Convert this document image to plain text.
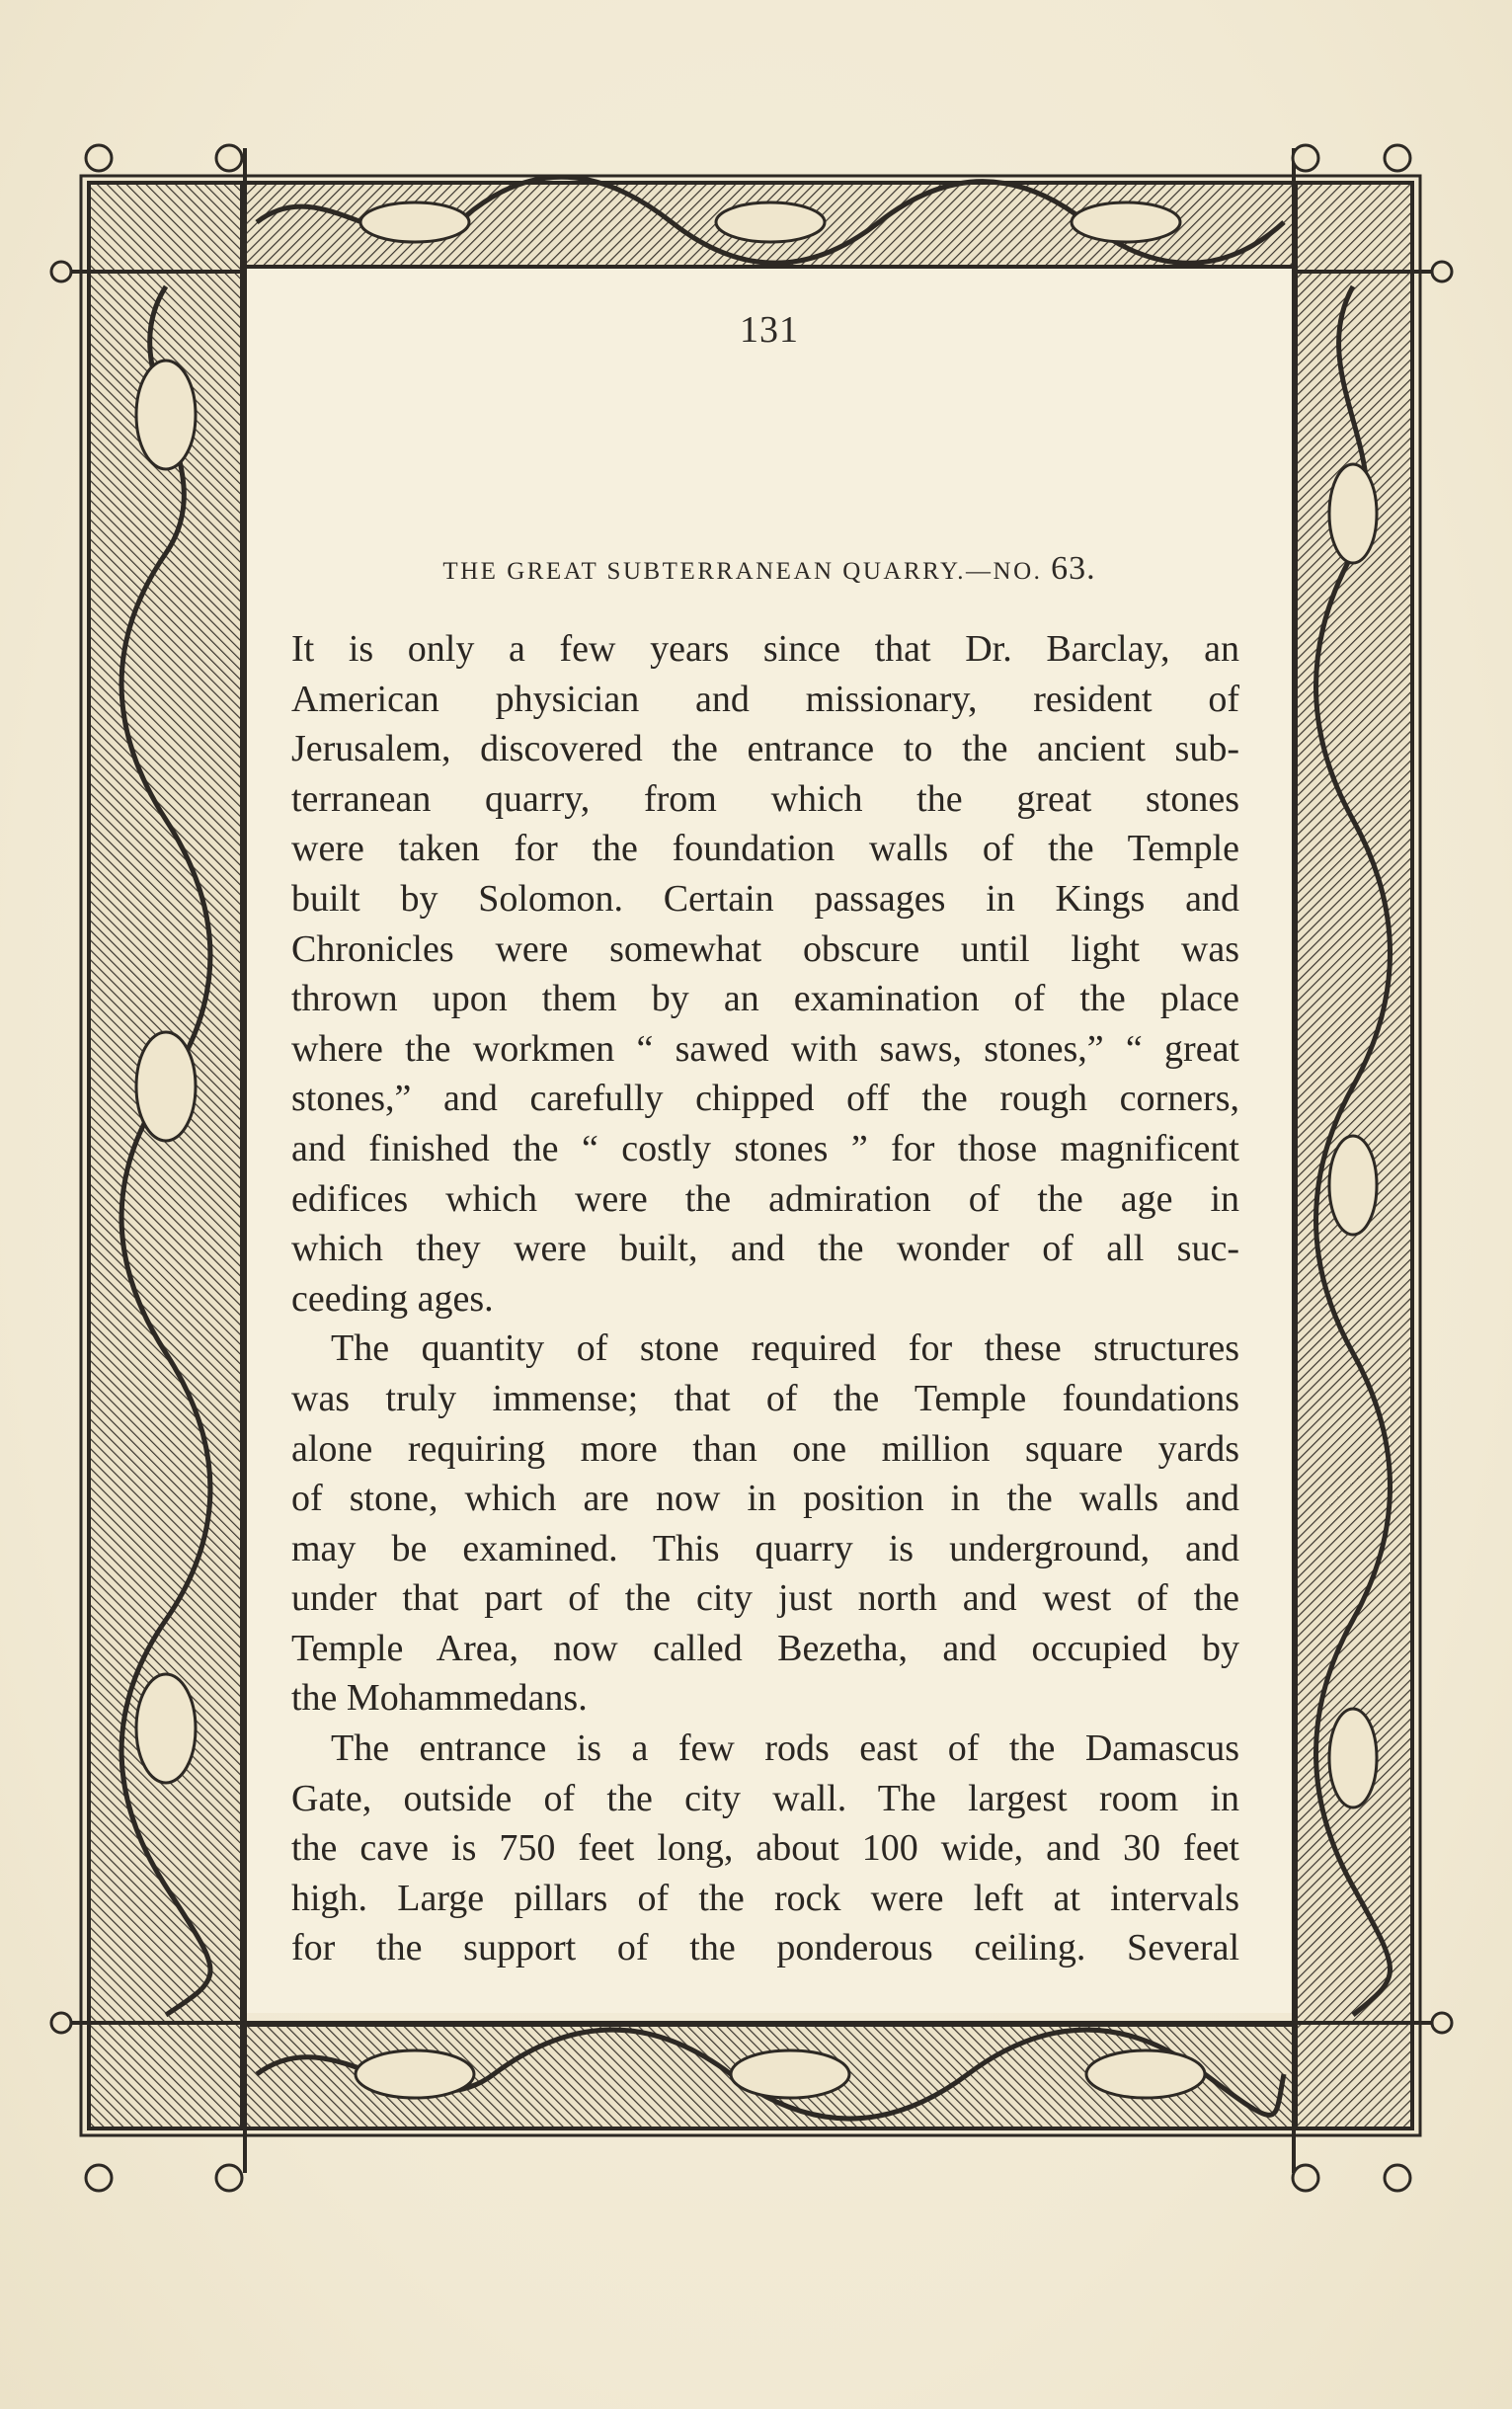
131
THE GREAT SUBTERRANEAN QUARRY.—NO. 63.

It is only a few years since that Dr. Barclay, an
American physician and missionary, resident of
Jerusalem, discovered the entrance to the ancient sub-
terranean quarry, from which the great stones
were taken for the foundation walls of the Temple
built by Solomon. Certain passages in Kings and
Chronicles were somewhat obscure until light was
thrown upon them by an examination of the place
where the workmen “ sawed with saws, stones,” “ great
stones,” and carefully chipped off the rough corners,
and finished the “ costly stones ” for those magnificent
edifices which were the admiration of the age in
which they were built, and the wonder of all suc-
ceeding ages.

The quantity of stone required for these structures
was truly immense; that of the Temple foundations
alone requiring more than one million square yards
of stone, which are now in position in the walls and
may be examined. This quarry is underground, and
under that part of the city just north and west of the
Temple Area, now called Bezetha, and occupied by
the Mohammedans.

The entrance is a few rods east of the Damascus
Gate, outside of the city wall. The largest room in
the cave is 750 feet long, about 100 wide, and 30 feet
high. Large pillars of the rock were left at intervals
for the support of the ponderous ceiling. Several
